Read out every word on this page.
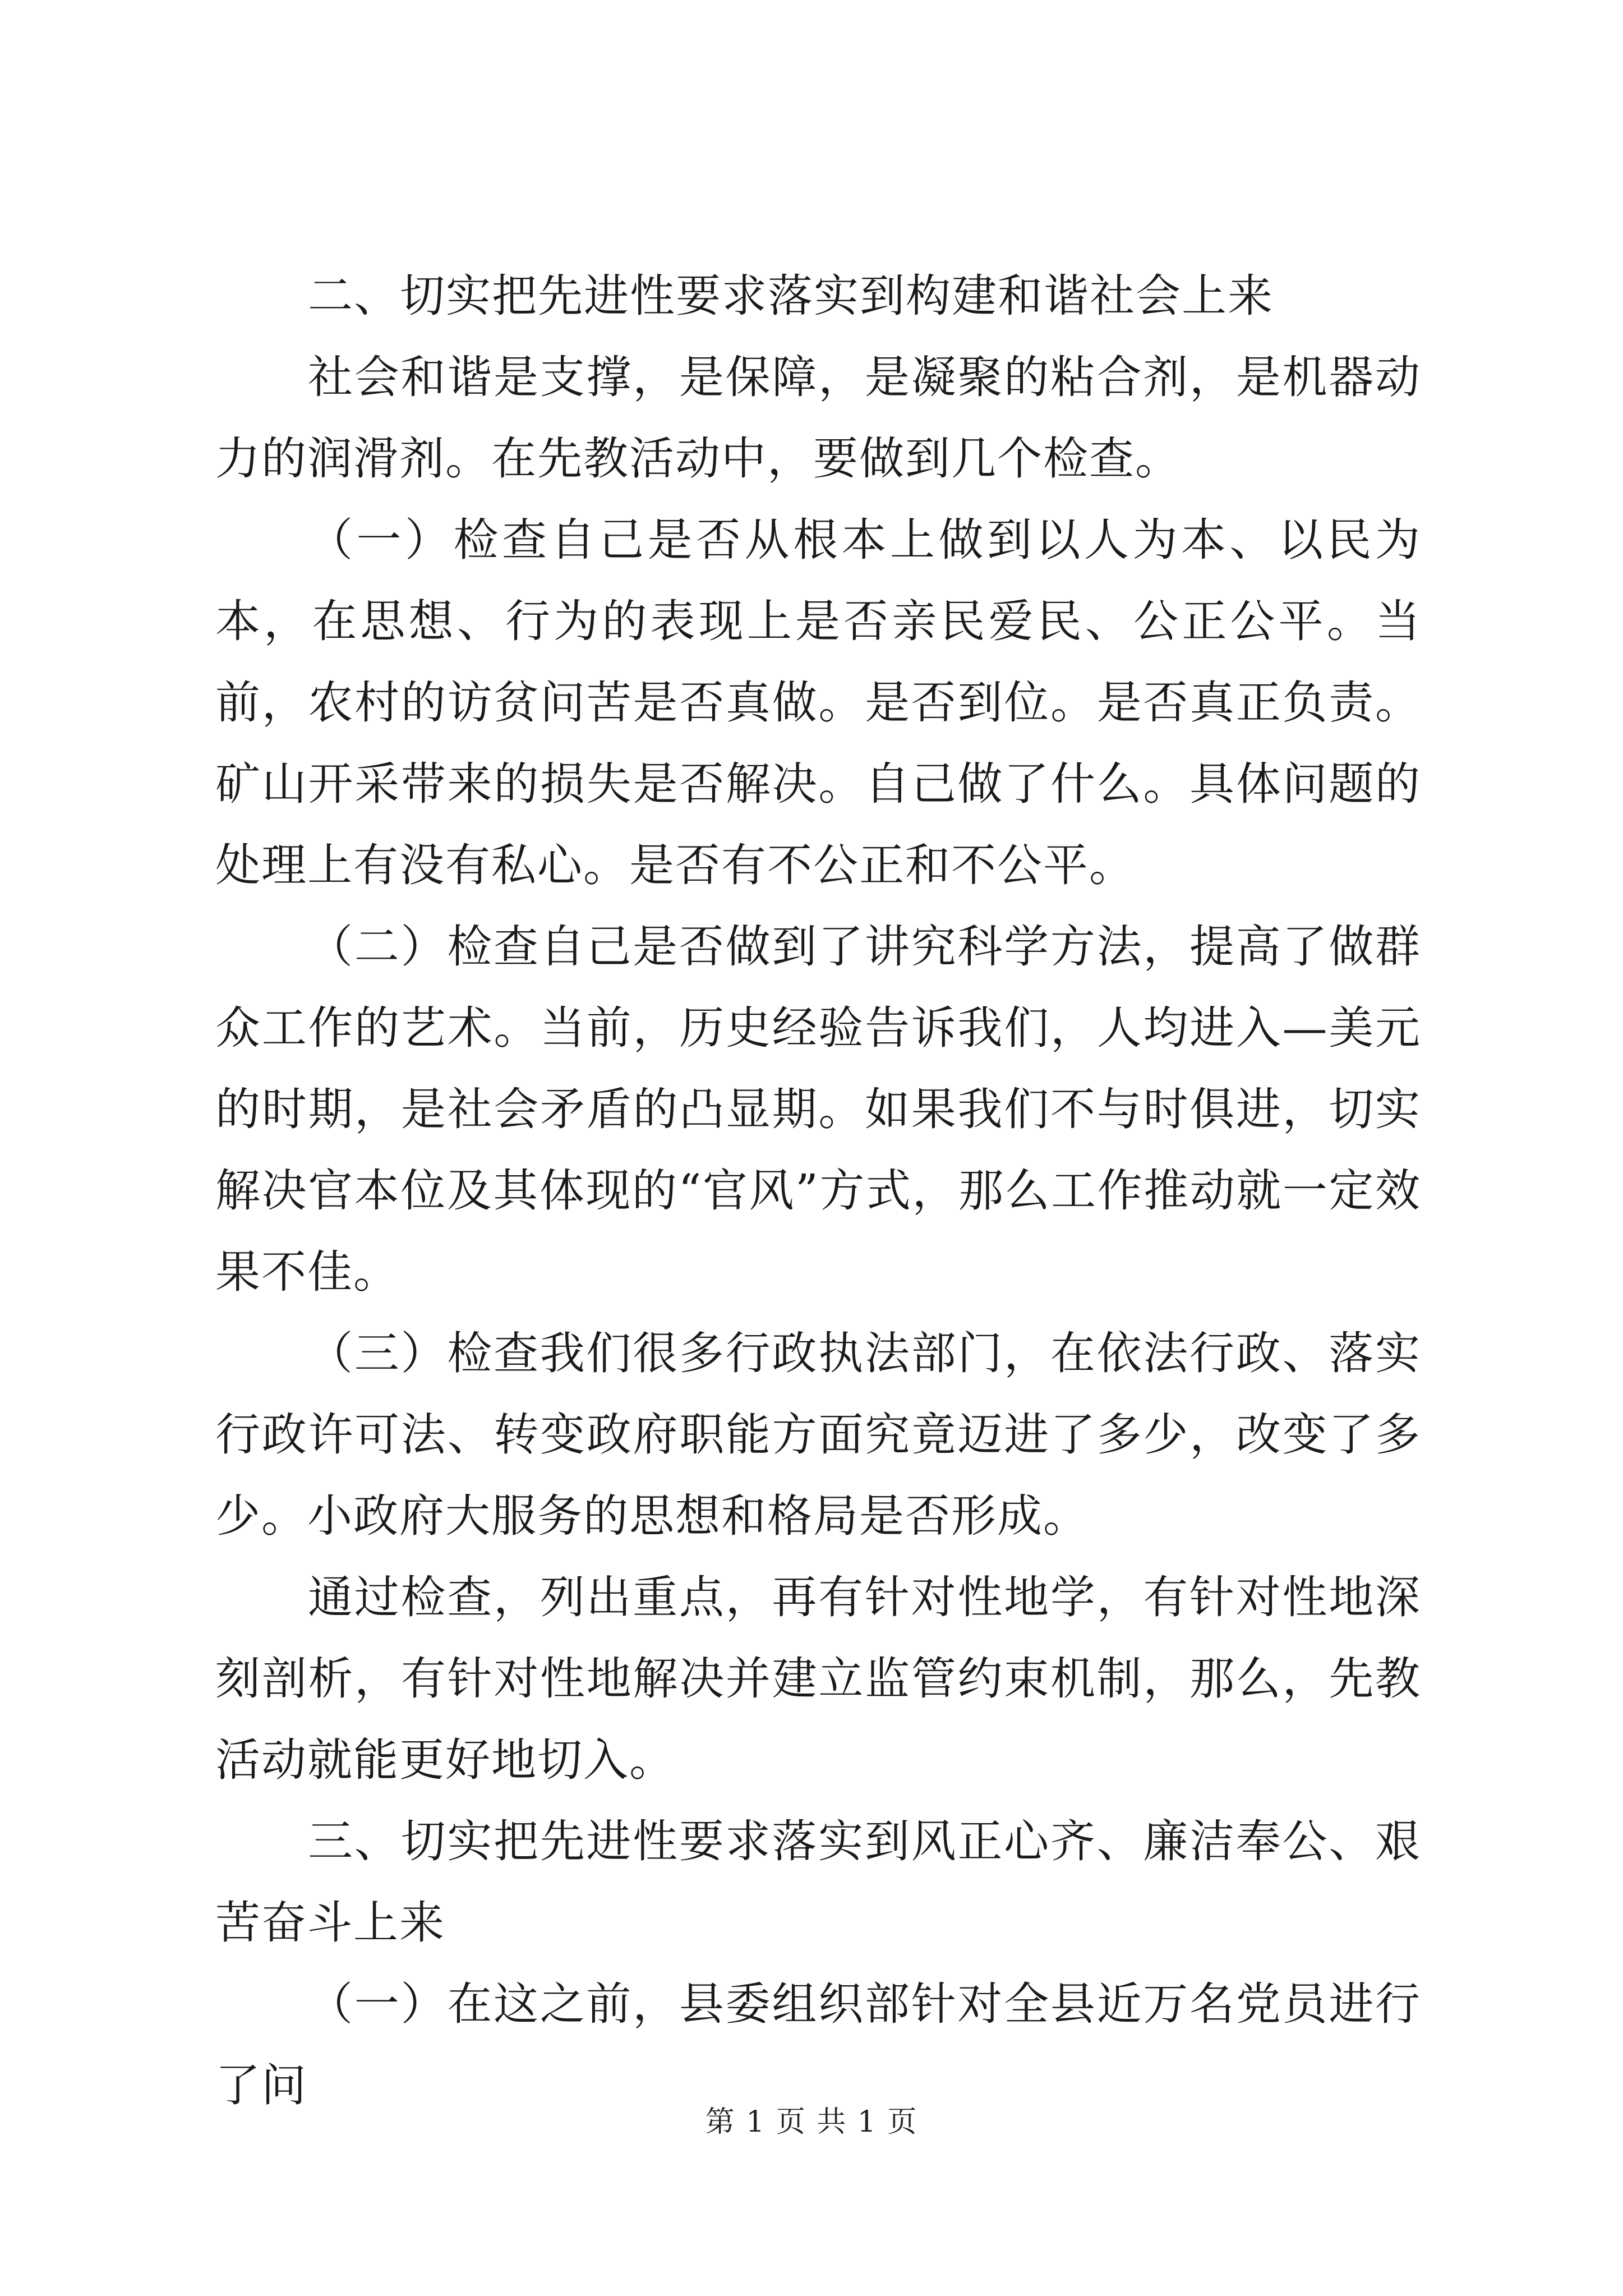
二、切实把先进性要求落实到构建和谐社会上来

社会和谐是支撑，是保障，是凝聚的粘合剂，是机器动力的润滑剂。在先教活动中，要做到几个检查。

（一）检查自己是否从根本上做到以人为本、以民为本，在思想、行为的表现上是否亲民爱民、公正公平。当前，农村的访贫问苦是否真做。是否到位。是否真正负责。矿山开采带来的损失是否解决。自己做了什么。具体问题的处理上有没有私心。是否有不公正和不公平。

（二）检查自己是否做到了讲究科学方法，提高了做群众工作的艺术。当前，历史经验告诉我们，人均进入—美元的时期，是社会矛盾的凸显期。如果我们不与时俱进，切实解决官本位及其体现的“官风”方式，那么工作推动就一定效果不佳。

（三）检查我们很多行政执法部门，在依法行政、落实行政许可法、转变政府职能方面究竟迈进了多少，改变了多少。小政府大服务的思想和格局是否形成。

通过检查，列出重点，再有针对性地学，有针对性地深刻剖析，有针对性地解决并建立监管约束机制，那么，先教活动就能更好地切入。

三、切实把先进性要求落实到风正心齐、廉洁奉公、艰苦奋斗上来

（一）在这之前，县委组织部针对全县近万名党员进行了问

第 1 页 共 1 页
